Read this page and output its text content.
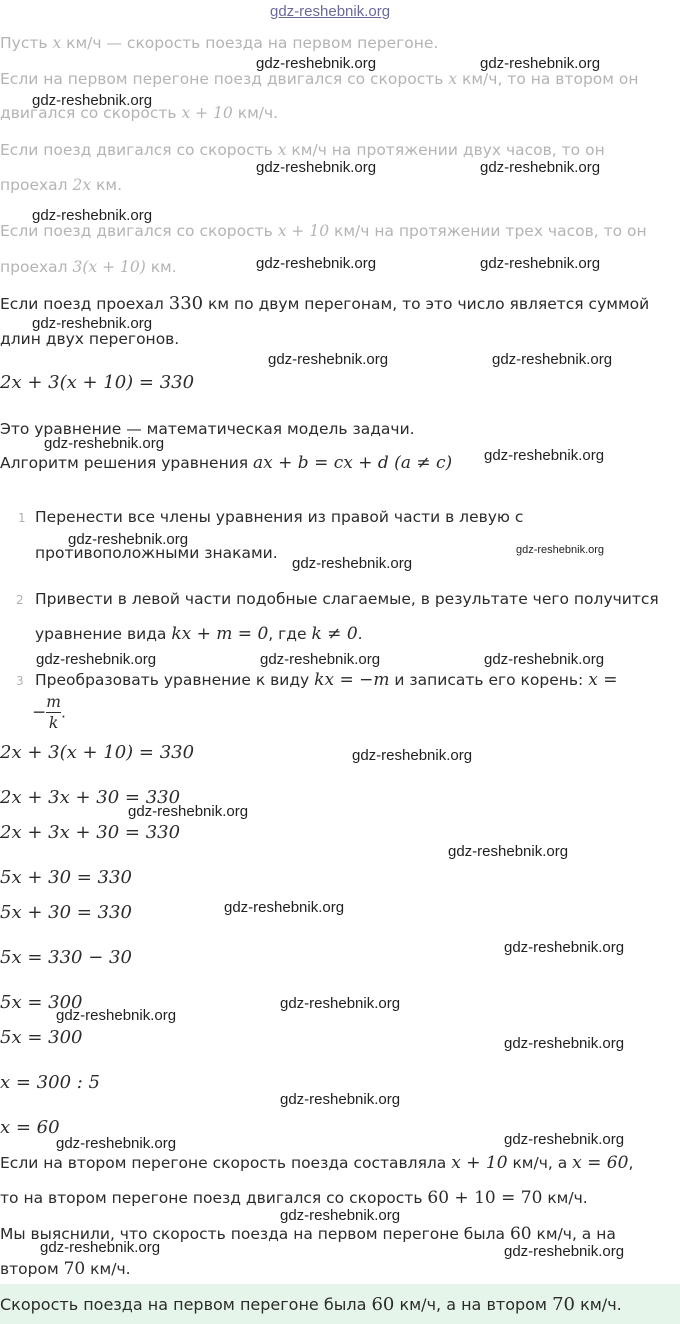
gdz-reshebnik.org
Пусть x км/ч — скорость поезда на первом перегоне.
Если на первом перегоне поезд двигался со скорость x км/ч, то на втором он
двигался со скорость x + 10 км/ч.
Если поезд двигался со скорость x км/ч на протяжении двух часов, то он
проехал 2x км.
Если поезд двигался со скорость x + 10 км/ч на протяжении трех часов, то он
проехал 3(x + 10) км.
Если поезд проехал 330 км по двум перегонам, то это число является суммой
длин двух перегонов.
2x + 3(x + 10) = 330
Это уравнение — математическая модель задачи.
Алгоритм решения уравнения ax + b = cx + d (a ≠ c)
1 Перенести все члены уравнения из правой части в левую с
противоположными знаками.
2 Привести в левой части подобные слагаемые, в результате чего получится
уравнение вида kx + m = 0, где k ≠ 0.
3 Преобразовать уравнение к виду kx = −m и записать его корень: x =
− $\frac{m}{k}$ .
2x + 3(x + 10) = 330
2x + 3x + 30 = 330
2x + 3x + 30 = 330
5x + 30 = 330
5x + 30 = 330
5x = 330 − 30
5x = 300
5x = 300
x = 300 : 5
x = 60
Если на втором перегоне скорость поезда составляла x + 10 км/ч, а x = 60,
то на втором перегоне поезд двигался со скорость 60 + 10 = 70 км/ч.
Мы выяснили, что скорость поезда на первом перегоне была 60 км/ч, а на
втором 70 км/ч.
Скорость поезда на первом перегоне была 60 км/ч, а на втором 70 км/ч.
gdz-reshebnik.org	gdz-reshebnik.org
gdz-reshebnik.org
gdz-reshebnik.org	gdz-reshebnik.org
gdz-reshebnik.org
gdz-reshebnik.org	gdz-reshebnik.org
gdz-reshebnik.org
gdz-reshebnik.org	gdz-reshebnik.org
gdz-reshebnik.org
gdz-reshebnik.org
gdz-reshebnik.org
gdz-reshebnik.org
gdz-reshebnik.org
gdz-reshebnik.org	gdz-reshebnik.org	gdz-reshebnik.org
gdz-reshebnik.org
gdz-reshebnik.org
gdz-reshebnik.org
gdz-reshebnik.org
gdz-reshebnik.org
gdz-reshebnik.org
gdz-reshebnik.org
gdz-reshebnik.org
gdz-reshebnik.org
gdz-reshebnik.org	gdz-reshebnik.org
gdz-reshebnik.org
gdz-reshebnik.org	gdz-reshebnik.org
